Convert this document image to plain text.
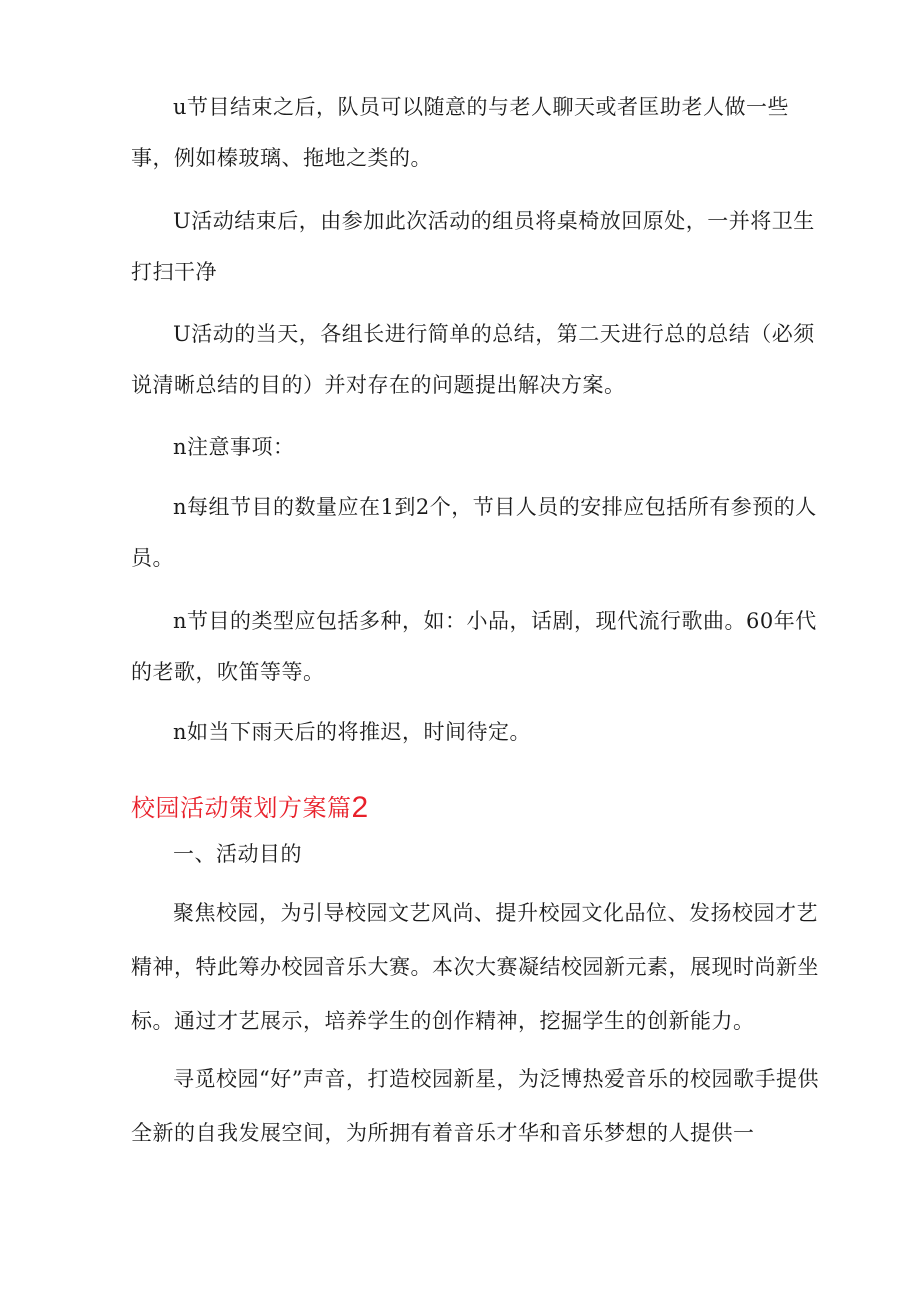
u节目结束之后，队员可以随意的与老人聊天或者匡助老人做一些事，例如榛玻璃、拖地之类的。

U活动结束后，由参加此次活动的组员将桌椅放回原处，一并将卫生打扫干净

U活动的当天，各组长进行简单的总结，第二天进行总的总结（必须说清晰总结的目的）并对存在的问题提出解决方案。

n注意事项：

n每组节目的数量应在1到2个，节目人员的安排应包括所有参预的人员。

n节目的类型应包括多种，如：小品，话剧，现代流行歌曲。60年代的老歌，吹笛等等。

n如当下雨天后的将推迟，时间待定。

校园活动策划方案篇2

一、活动目的

聚焦校园，为引导校园文艺风尚、提升校园文化品位、发扬校园才艺精神，特此筹办校园音乐大赛。本次大赛凝结校园新元素，展现时尚新坐标。通过才艺展示，培养学生的创作精神，挖掘学生的创新能力。

寻觅校园“好”声音，打造校园新星，为泛博热爱音乐的校园歌手提供全新的自我发展空间，为所拥有着音乐才华和音乐梦想的人提供一
